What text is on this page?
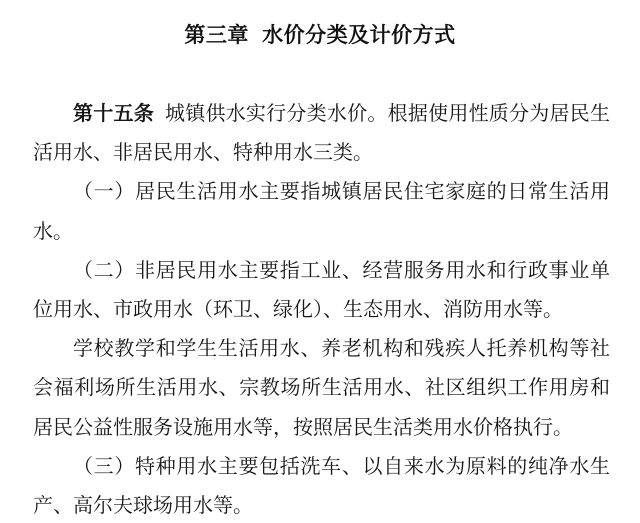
第三章 水价分类及计价方式
第十五条 城镇供水实行分类水价。根据使用性质分为居民生
活用水、非居民用水、特种用水三类。
（一）居民生活用水主要指城镇居民住宅家庭的日常生活用
水。
（二）非居民用水主要指工业、经营服务用水和行政事业单
位用水、市政用水（环卫、绿化）、生态用水、消防用水等。
学校教学和学生生活用水、养老机构和残疾人托养机构等社
会福利场所生活用水、宗教场所生活用水、社区组织工作用房和
居民公益性服务设施用水等，按照居民生活类用水价格执行。
（三）特种用水主要包括洗车、以自来水为原料的纯净水生
产、高尔夫球场用水等。
